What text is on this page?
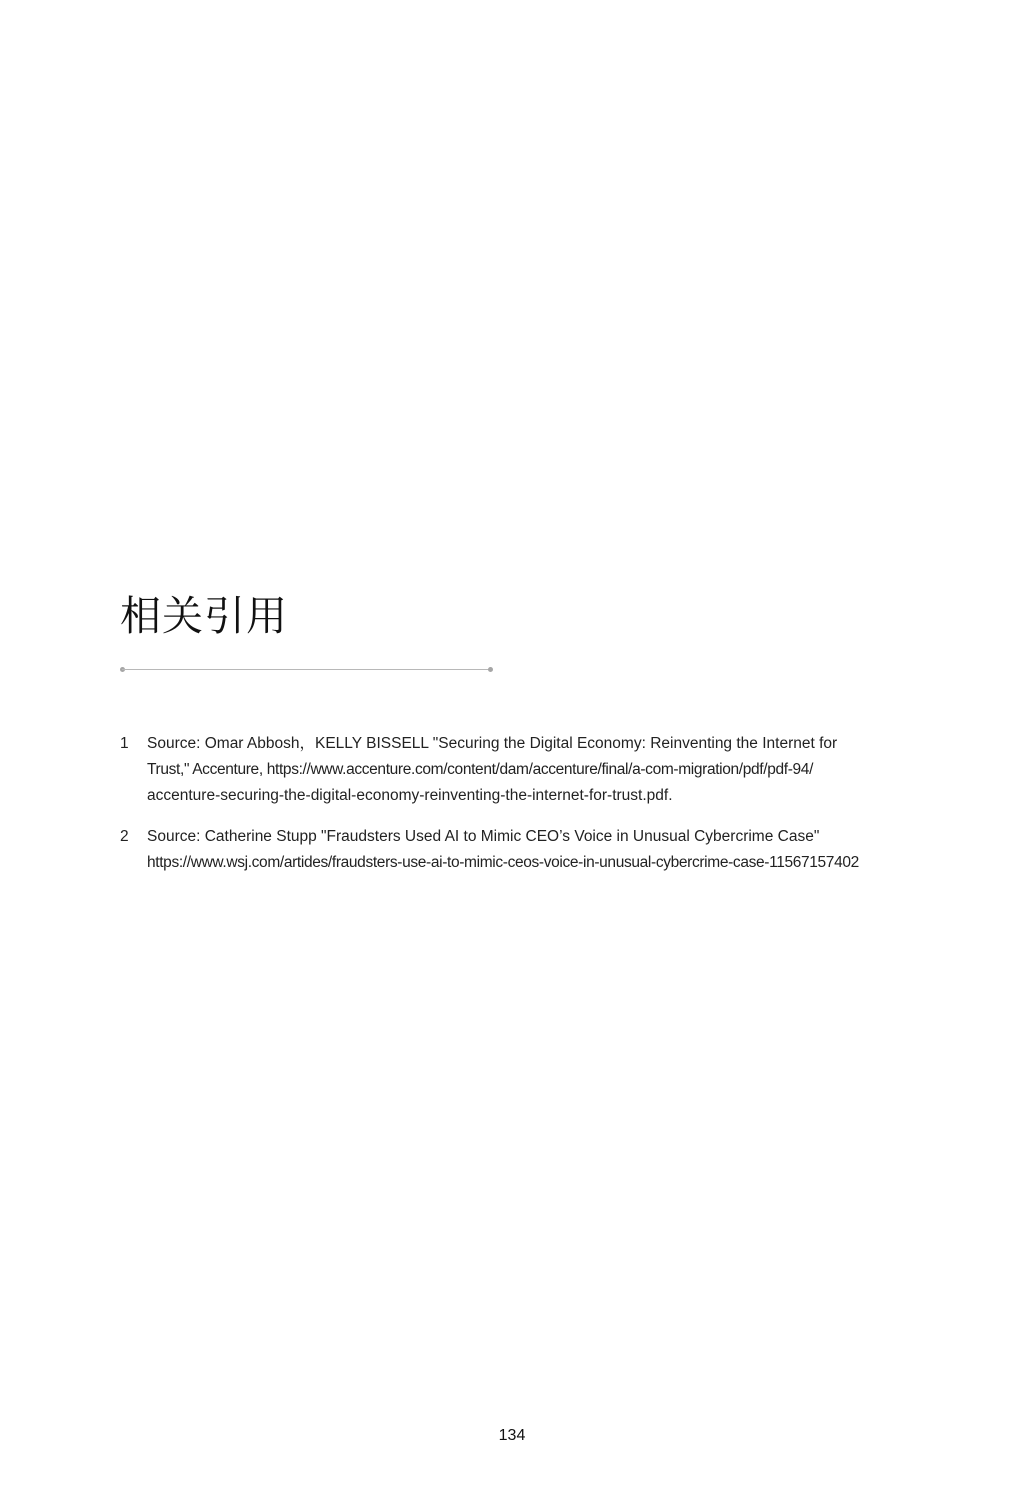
相关引用
1	Source: Omar Abbosh，KELLY BISSELL "Securing the Digital Economy: Reinventing the Internet for
Trust," Accenture, https://www.accenture.com/content/dam/accenture/final/a-com-migration/pdf/pdf-94/
accenture-securing-the-digital-economy-reinventing-the-internet-for-trust.pdf.
2	Source: Catherine Stupp "Fraudsters Used AI to Mimic CEO’s Voice in Unusual Cybercrime Case"
https://www.wsj.com/artides/fraudsters-use-ai-to-mimic-ceos-voice-in-unusual-cybercrime-case-11567157402
134
